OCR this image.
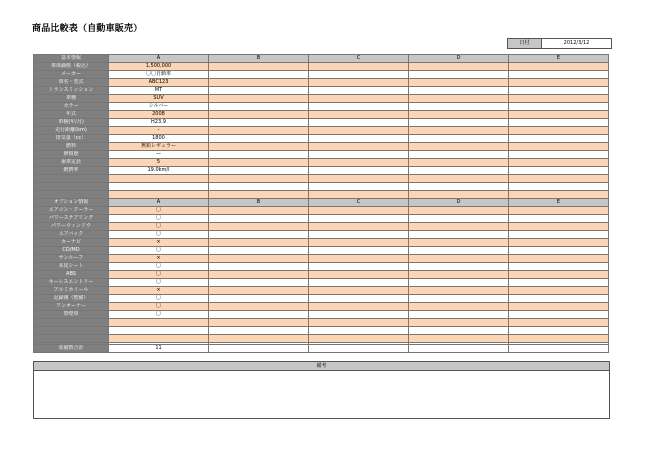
商品比較表（自動車販売）
日付	2012/3/12
基本情報	A	B	C	D	E
車体価格（税込）	1,500,000				
メーカー	〇〇自動車				
車名・型式	ABC123				
トランスミッション	MT				
車種	SUV				
カラー	シルバー				
年式	2008				
車検(年/月)	H23.9				
走行距離(km)	-				
排気量（cc）	1800				
燃料	無鉛レギュラー				
修復歴	—				
乗車定員	5				
燃費率	19.0km/l				

オプション情報	A	B	C	D	E
エアコン・クーラー	〇				
パワーステアリング	〇				
パワーウィンドウ	〇				
エアバック	〇				
カーナビ	×				
CD/MD	〇				
サンルーフ	×				
本皮シート	〇				
ABS	〇				
キーレスエントリー	〇				
アルミホイール	×				
記録簿（整備）	〇				
ワンオーナー	〇				
禁煙車	〇				

装備数合計	11				
備考
